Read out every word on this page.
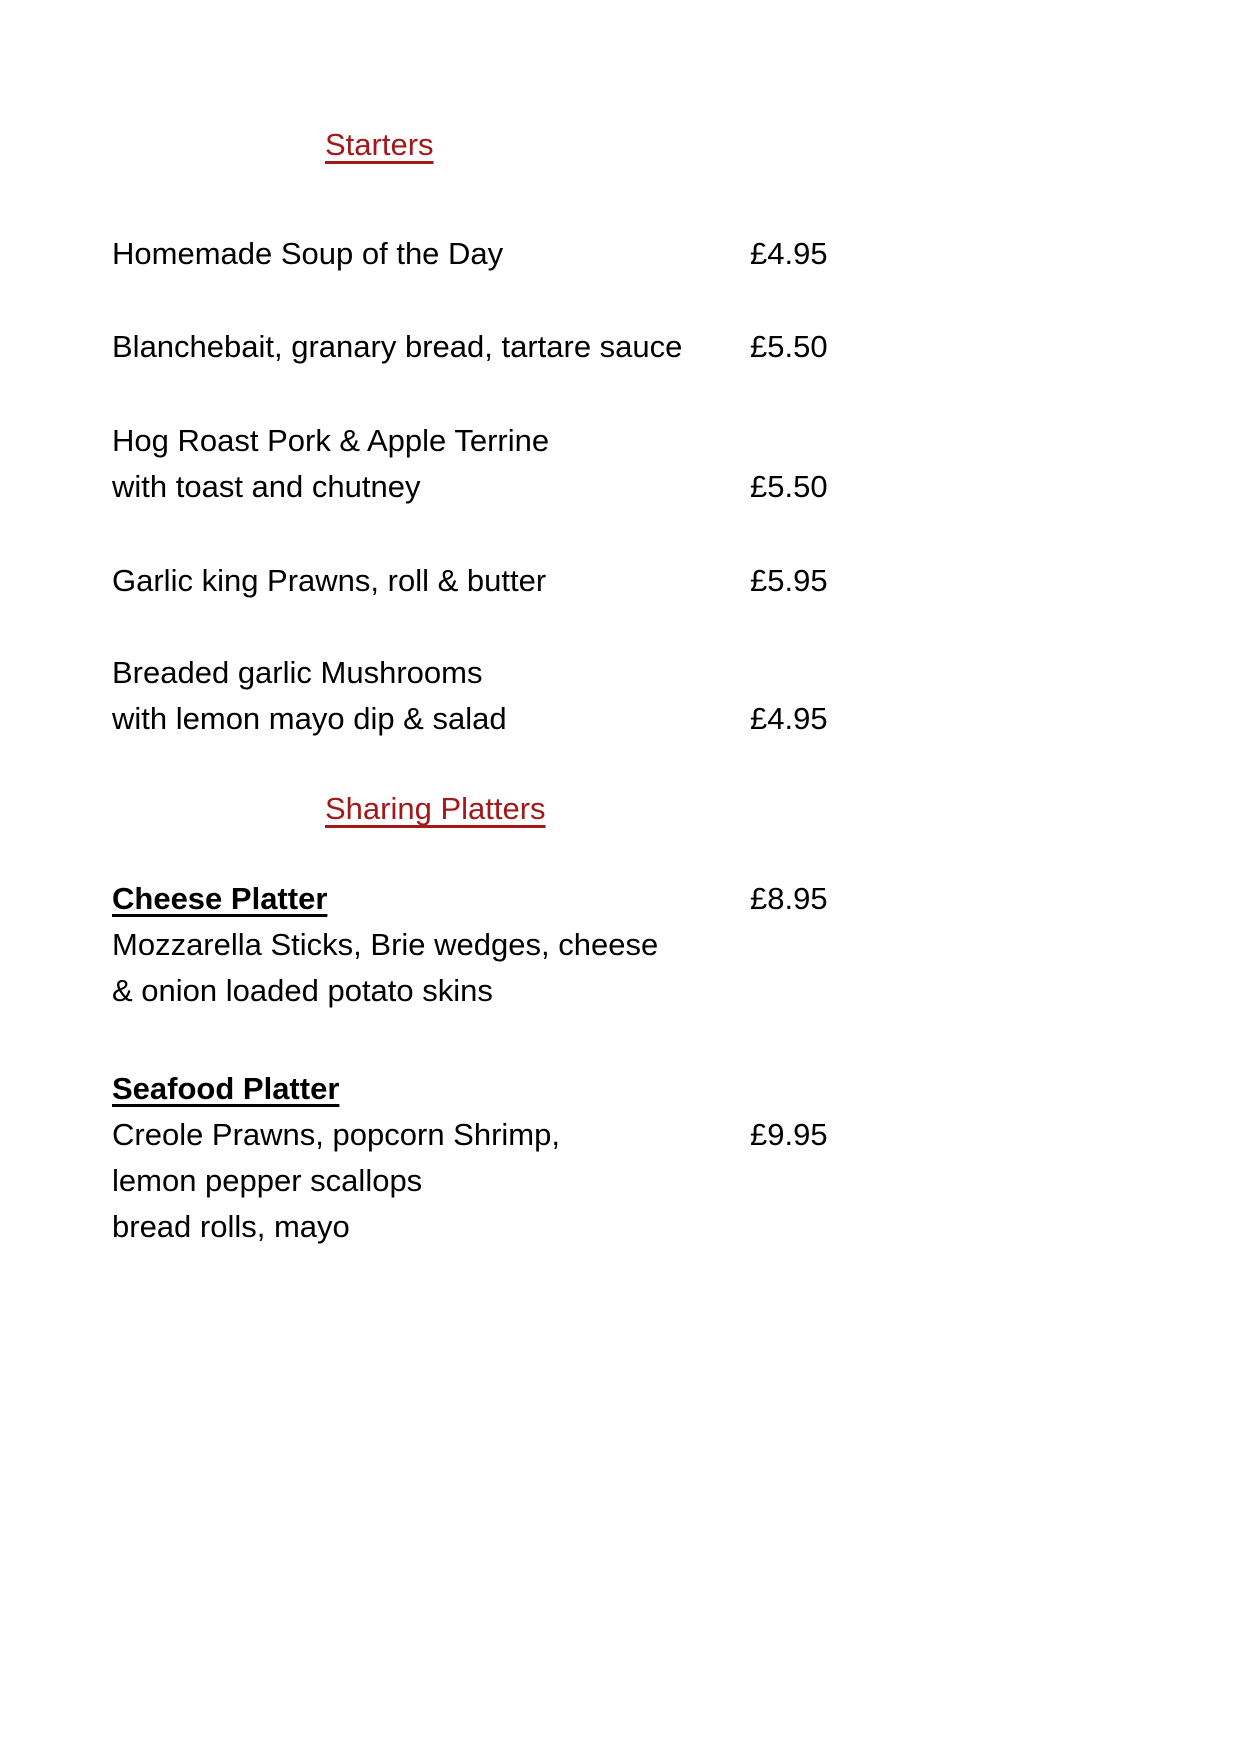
Starters
Homemade Soup of the Day	£4.95
Blanchebait, granary bread, tartare sauce £5.50
Hog Roast Pork & Apple Terrine
with toast and chutney	£5.50
Garlic king Prawns, roll & butter	£5.95
Breaded garlic Mushrooms
with lemon mayo dip & salad	£4.95
Sharing Platters
Cheese Platter
Mozzarella Sticks, Brie wedges, cheese
& onion loaded potato skins
£8.95
Seafood Platter
Creole Prawns, popcorn Shrimp,
lemon pepper scallops
bread rolls, mayo
£9.95
